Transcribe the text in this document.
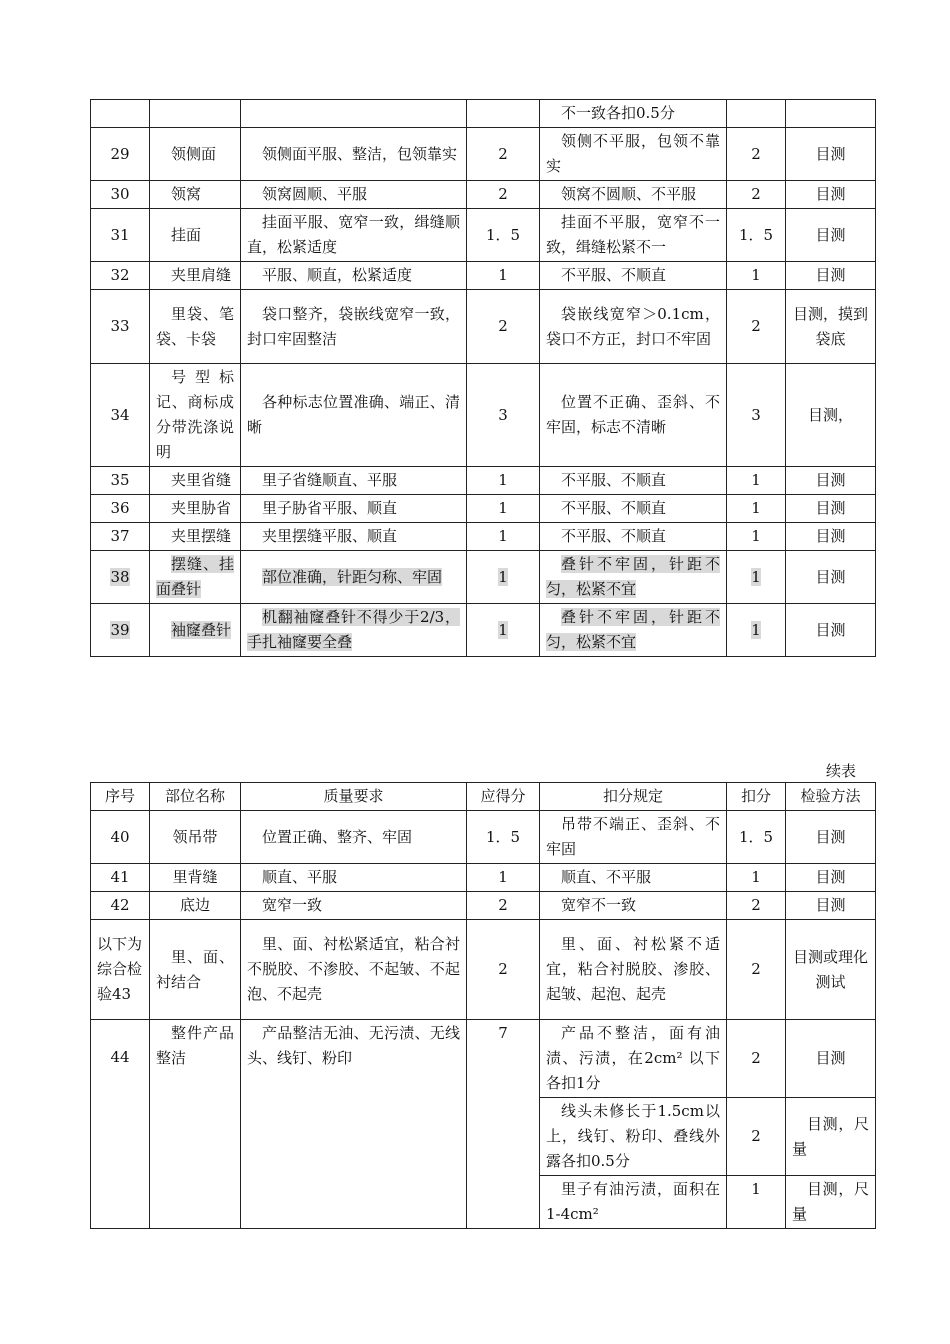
				不一致各扣0.5分		
29	领侧面	领侧面平服、整洁，包领靠实	2	领侧不平服，包领不靠实	2	目测
30	领窝	领窝圆顺、平服	2	领窝不圆顺、不平服	2	目测
31	挂面	挂面平服、宽窄一致，缉缝顺直，松紧适度	1．5	挂面不平服，宽窄不一致，缉缝松紧不一	1．5	目测
32	夹里肩缝	平服、顺直，松紧适度	1	不平服、不顺直	1	目测
33	里袋、笔袋、卡袋	袋口整齐，袋嵌线宽窄一致，封口牢固整洁	2	袋嵌线宽窄＞0.1cm，袋口不方正，封口不牢固	2	目测，摸到袋底
34	号型标记、商标成分带洗涤说明	各种标志位置准确、端正、清晰	3	位置不正确、歪斜、不牢固，标志不清晰	3	目测，
35	夹里省缝	里子省缝顺直、平服	1	不平服、不顺直	1	目测
36	夹里胁省	里子胁省平服、顺直	1	不平服、不顺直	1	目测
37	夹里摆缝	夹里摆缝平服、顺直	1	不平服、不顺直	1	目测
38	摆缝、挂面叠针	部位准确，针距匀称、牢固	1	叠针不牢固，针距不匀，松紧不宜	1	目测
39	袖窿叠针	机翻袖窿叠针不得少于2/3，手扎袖窿要全叠	1	叠针不牢固，针距不匀，松紧不宜	1	目测
续表
序号	部位名称	质量要求	应得分	扣分规定	扣分	检验方法
40	领吊带	位置正确、整齐、牢固	1．5	吊带不端正、歪斜、不牢固	1．5	目测
41	里背缝	顺直、平服	1	顺直、不平服	1	目测
42	底边	宽窄一致	2	宽窄不一致	2	目测
以下为综合检验43	里、面、衬结合	里、面、衬松紧适宜，粘合衬不脱胶、不渗胶、不起皱、不起泡、不起壳	2	里、面、衬松紧不适宜，粘合衬脱胶、渗胶、起皱、起泡、起壳	2	目测或理化测试
44	整件产品整洁	产品整洁无油、无污渍、无线头、线钉、粉印	7	产品不整洁，面有油渍、污渍，在2cm² 以下各扣1分	2	目测
				线头未修长于1.5cm以上，线钉、粉印、叠线外露各扣0.5分	2	目测，尺量
				里子有油污渍，面积在1-4cm²	1	目测，尺量
